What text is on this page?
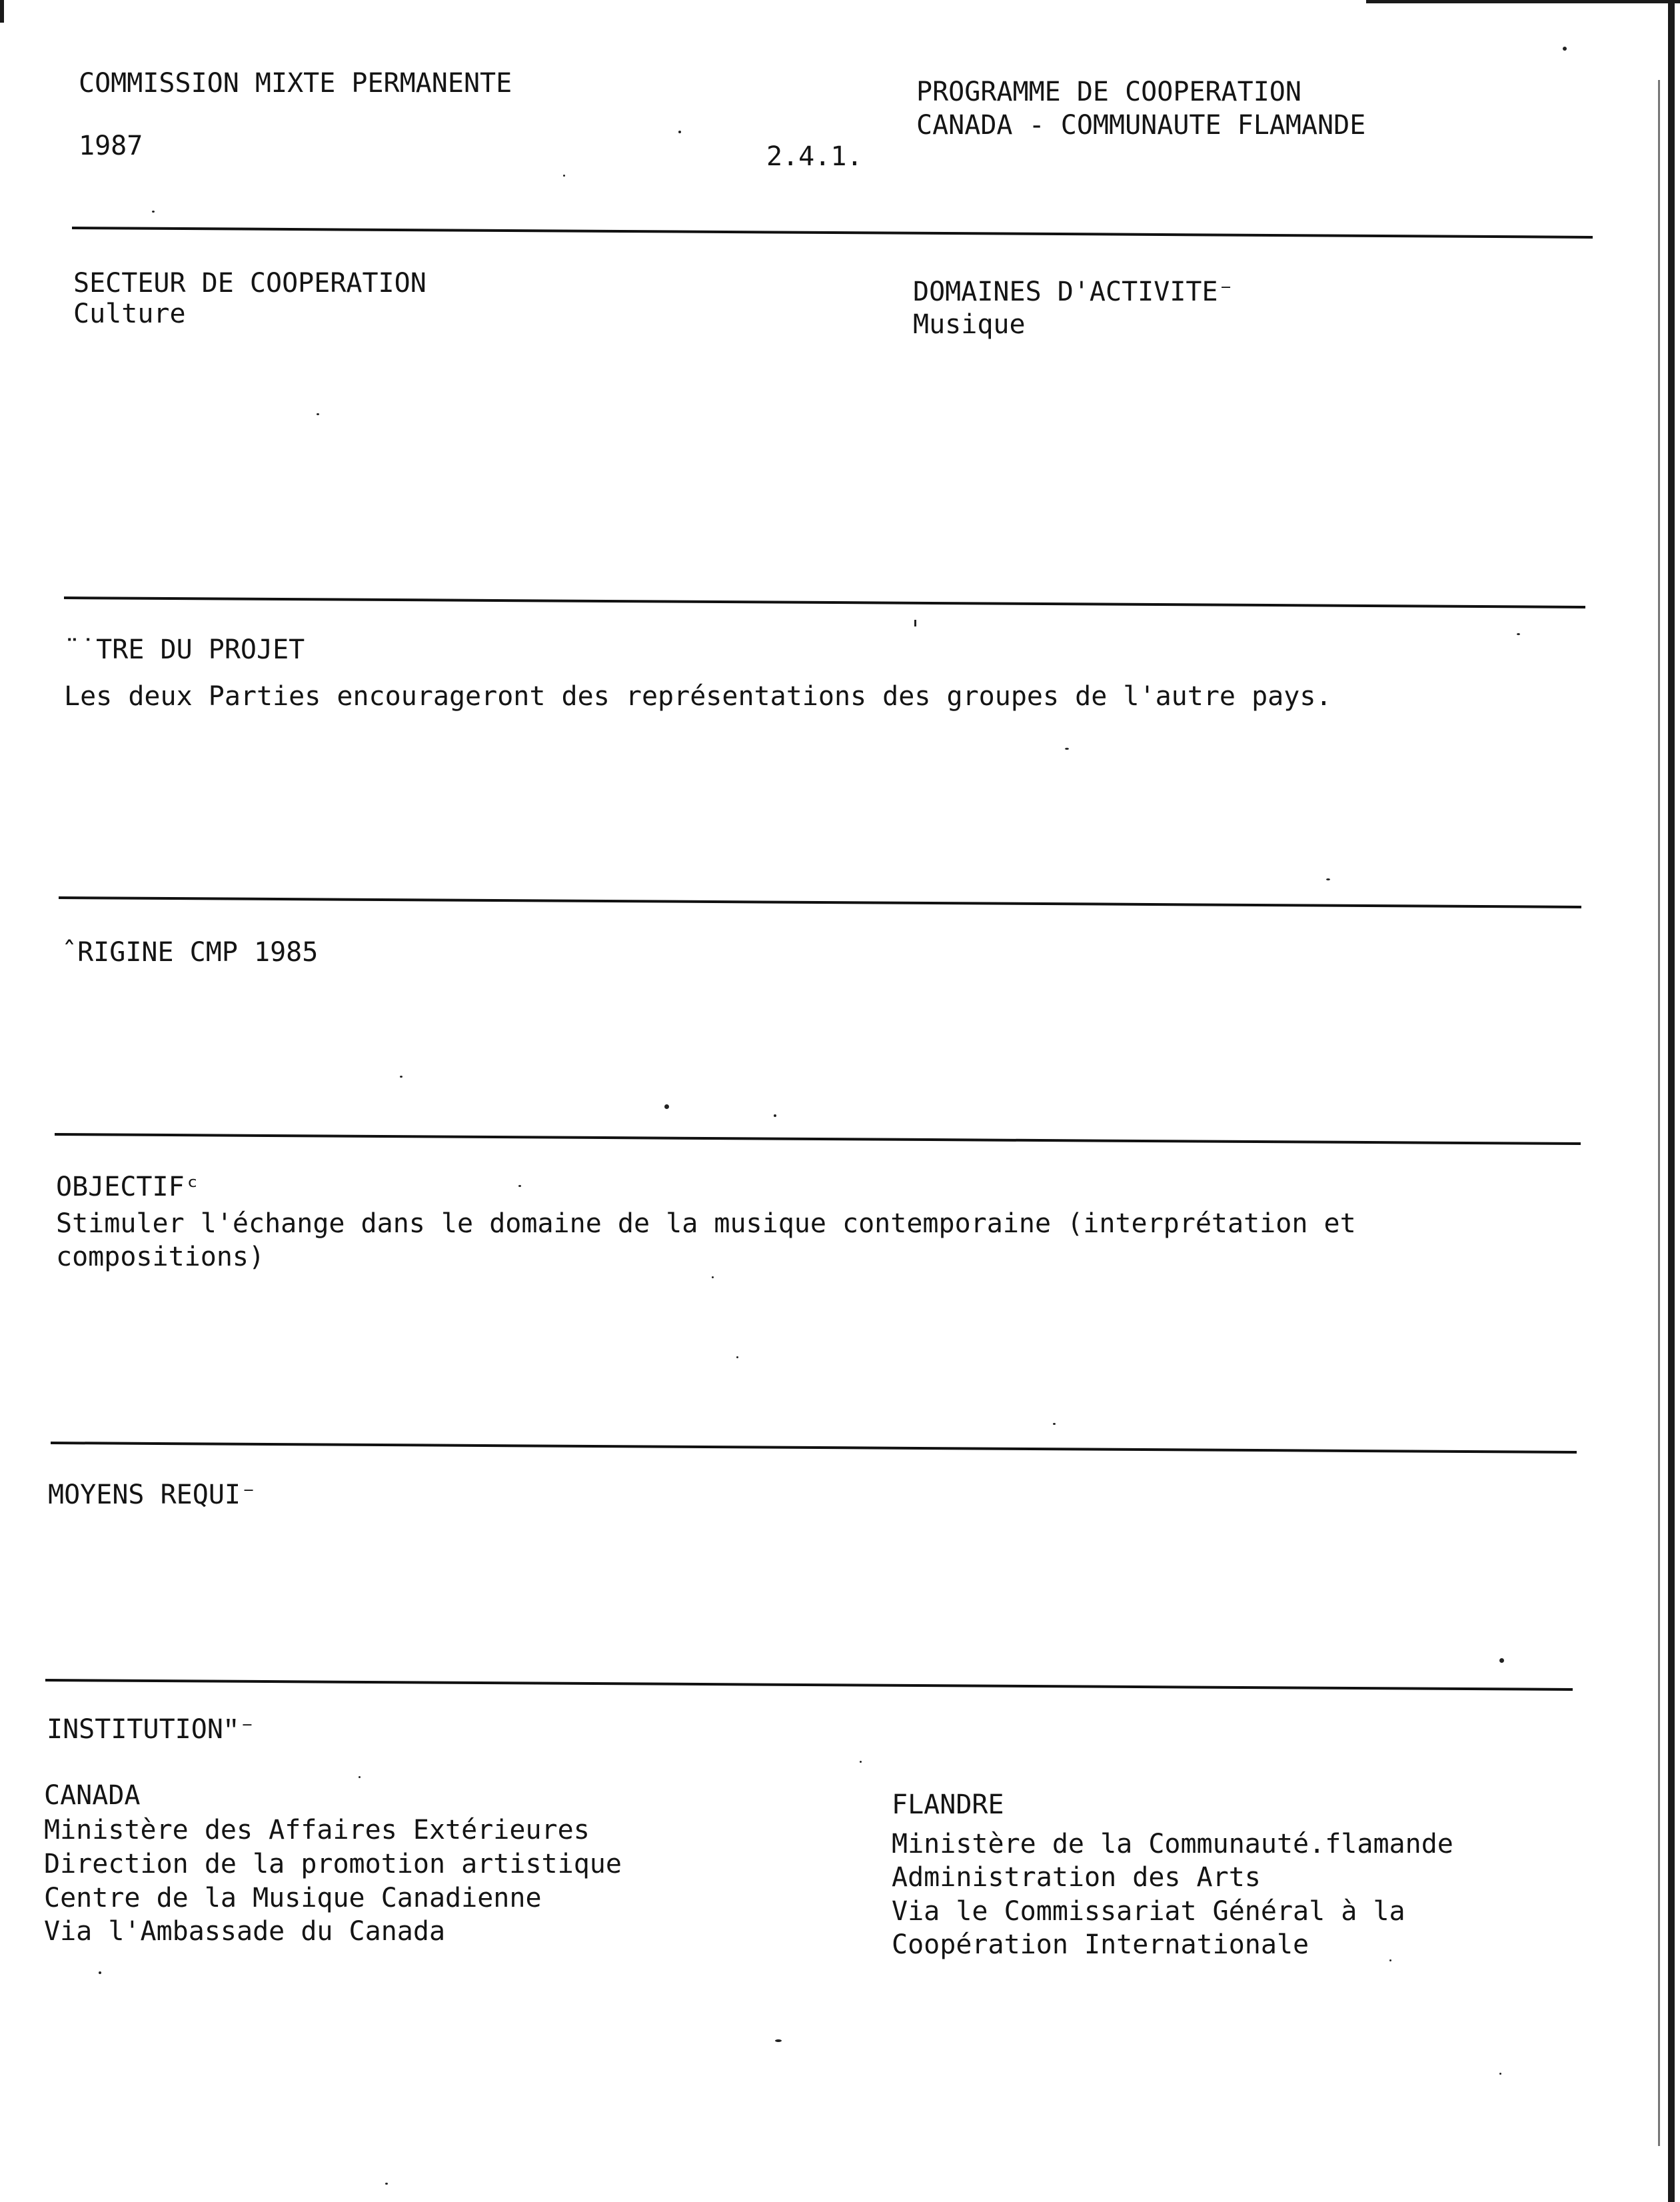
COMMISSION MIXTE PERMANENTE
1987	2.4.1.
PROGRAMME DE COOPERATION
CANADA - COMMUNAUTE FLAMANDE
SECTEUR DE COOPERATION
Culture
DOMAINES D'ACTIVITE⁻
Musique
¨˙TRE DU PROJET
Les deux Parties encourageront des représentations des groupes de l'autre pays.
ˆRIGINE CMP 1985
OBJECTIFᶜ
Stimuler l'échange dans le domaine de la musique contemporaine (interprétation et
compositions)
MOYENS REQUI⁻
INSTITUTIONʺ⁻
CANADA
Ministère des Affaires Extérieures
Direction de la promotion artistique
Centre de la Musique Canadienne
Via l'Ambassade du Canada
FLANDRE
Ministère de la Communauté.flamande
Administration des Arts
Via le Commissariat Général à la
Coopération Internationale
